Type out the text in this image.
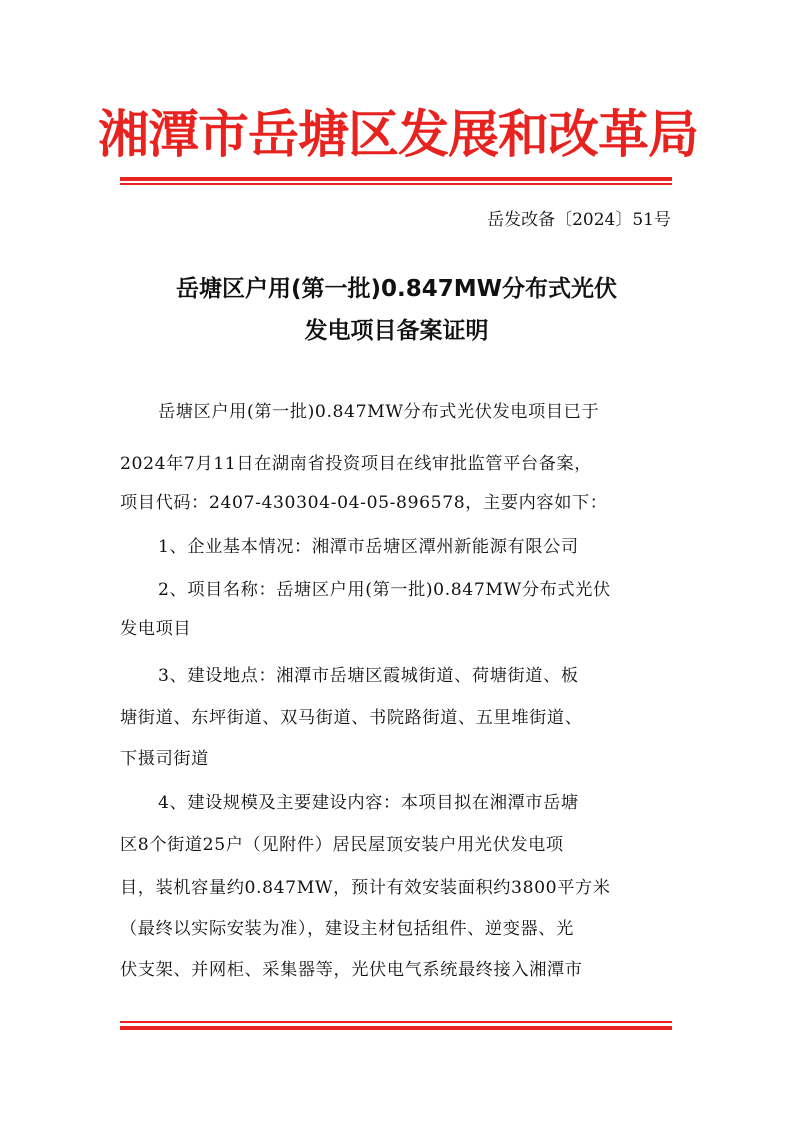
湘潭市岳塘区发展和改革局
岳发改备〔2024〕51号
岳塘区户用(第一批)0.847MW分布式光伏
发电项目备案证明
岳塘区户用(第一批)0.847MW分布式光伏发电项目已于
2024年7月11日在湖南省投资项目在线审批监管平台备案，
项目代码：2407-430304-04-05-896578，主要内容如下：
1、企业基本情况：湘潭市岳塘区潭州新能源有限公司
2、项目名称：岳塘区户用(第一批)0.847MW分布式光伏
发电项目
3、建设地点：湘潭市岳塘区霞城街道、荷塘街道、板
塘街道、东坪街道、双马街道、书院路街道、五里堆街道、
下摄司街道
4、建设规模及主要建设内容：本项目拟在湘潭市岳塘
区8个街道25户（见附件）居民屋顶安装户用光伏发电项
目，装机容量约0.847MW，预计有效安装面积约3800平方米
（最终以实际安装为准），建设主材包括组件、逆变器、光
伏支架、并网柜、采集器等，光伏电气系统最终接入湘潭市
